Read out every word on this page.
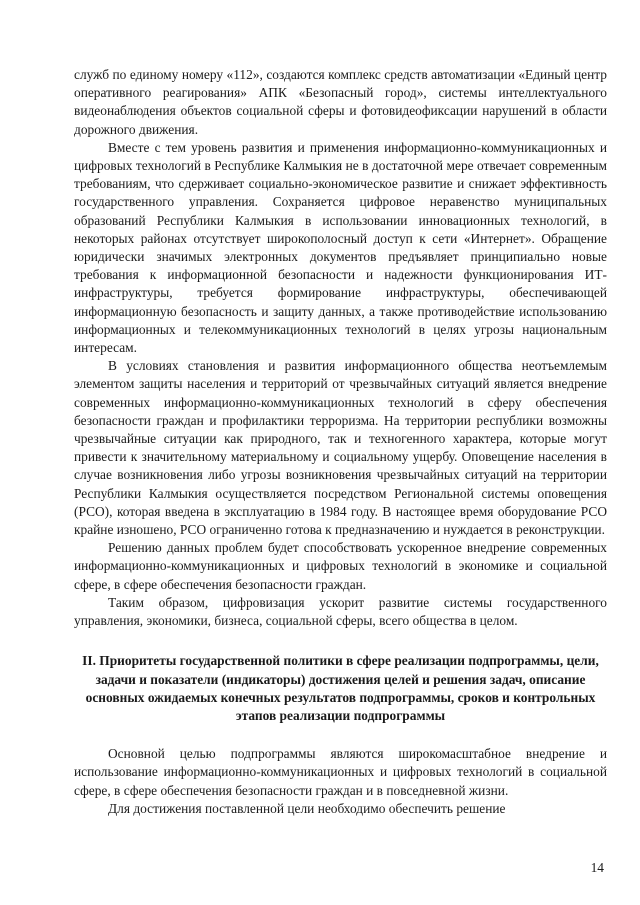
служб по единому номеру «112», создаются комплекс средств автоматизации «Единый центр оперативного реагирования» АПК «Безопасный город», системы интеллектуального видеонаблюдения объектов социальной сферы и фотовидеофиксации нарушений в области дорожного движения.

Вместе с тем уровень развития и применения информационно-коммуникационных и цифровых технологий в Республике Калмыкия не в достаточной мере отвечает современным требованиям, что сдерживает социально-экономическое развитие и снижает эффективность государственного управления. Сохраняется цифровое неравенство муниципальных образований Республики Калмыкия в использовании инновационных технологий, в некоторых районах отсутствует широкополосный доступ к сети «Интернет». Обращение юридически значимых электронных документов предъявляет принципиально новые требования к информационной безопасности и надежности функционирования ИТ-инфраструктуры, требуется формирование инфраструктуры, обеспечивающей информационную безопасность и защиту данных, а также противодействие использованию информационных и телекоммуникационных технологий в целях угрозы национальным интересам.

В условиях становления и развития информационного общества неотъемлемым элементом защиты населения и территорий от чрезвычайных ситуаций является внедрение современных информационно-коммуникационных технологий в сферу обеспечения безопасности граждан и профилактики терроризма. На территории республики возможны чрезвычайные ситуации как природного, так и техногенного характера, которые могут привести к значительному материальному и социальному ущербу. Оповещение населения в случае возникновения либо угрозы возникновения чрезвычайных ситуаций на территории Республики Калмыкия осуществляется посредством Региональной системы оповещения (РСО), которая введена в эксплуатацию в 1984 году. В настоящее время оборудование РСО крайне изношено, РСО ограниченно готова к предназначению и нуждается в реконструкции.

Решению данных проблем будет способствовать ускоренное внедрение современных информационно-коммуникационных и цифровых технологий в экономике и социальной сфере, в сфере обеспечения безопасности граждан.

Таким образом, цифровизация ускорит развитие системы государственного управления, экономики, бизнеса, социальной сферы, всего общества в целом.

II. Приоритеты государственной политики в сфере реализации подпрограммы, цели, задачи и показатели (индикаторы) достижения целей и решения задач, описание основных ожидаемых конечных результатов подпрограммы, сроков и контрольных этапов реализации подпрограммы

Основной целью подпрограммы являются широкомасштабное внедрение и использование информационно-коммуникационных и цифровых технологий в социальной сфере, в сфере обеспечения безопасности граждан и в повседневной жизни.

Для достижения поставленной цели необходимо обеспечить решение

14
